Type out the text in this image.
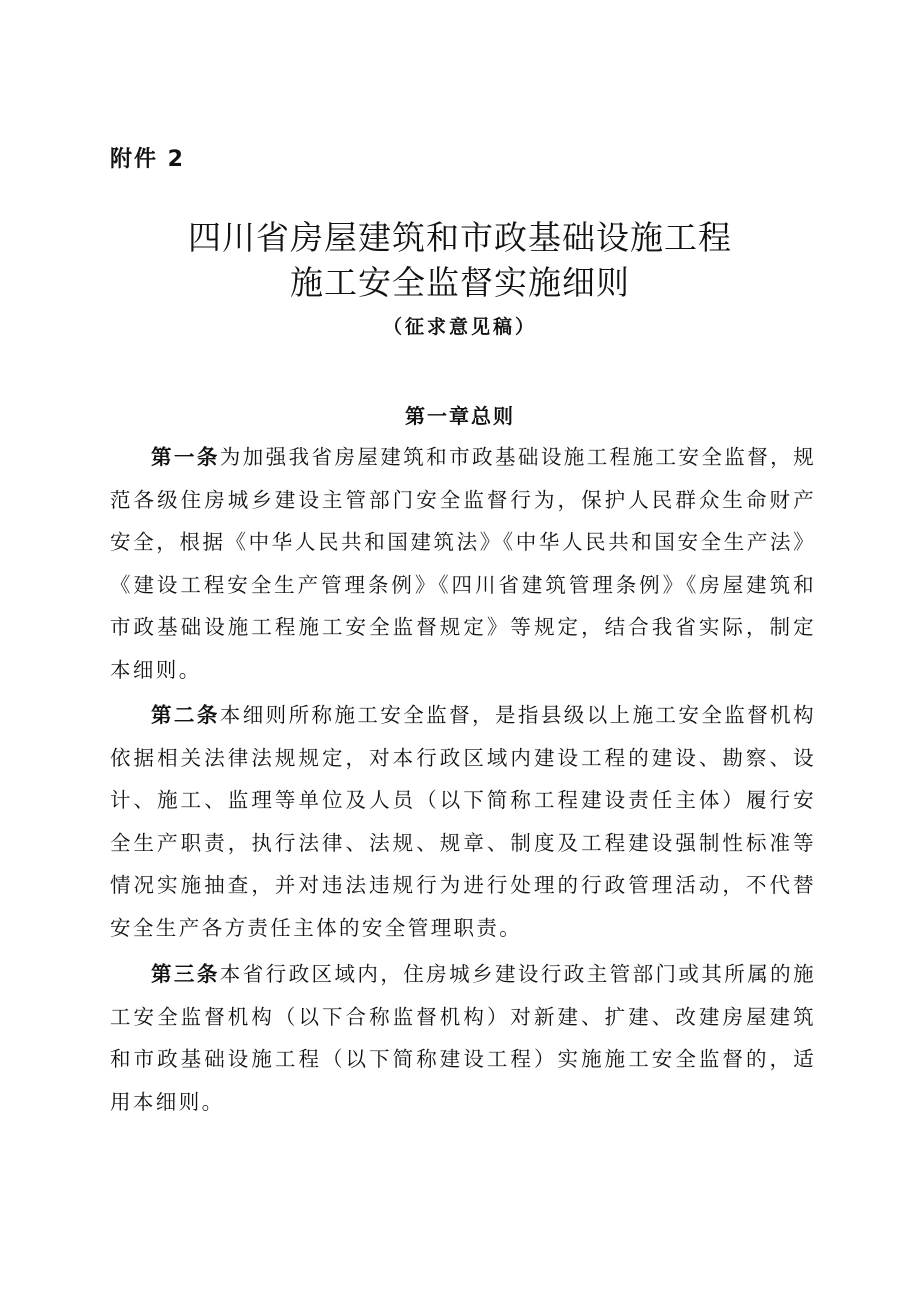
附件 2
四川省房屋建筑和市政基础设施工程
施工安全监督实施细则
（征求意见稿）
第一章总则

第一条为加强我省房屋建筑和市政基础设施工程施工安全监督，规范各级住房城乡建设主管部门安全监督行为，保护人民群众生命财产安全，根据《中华人民共和国建筑法》《中华人民共和国安全生产法》《建设工程安全生产管理条例》《四川省建筑管理条例》《房屋建筑和市政基础设施工程施工安全监督规定》等规定，结合我省实际，制定本细则。

第二条本细则所称施工安全监督，是指县级以上施工安全监督机构依据相关法律法规规定，对本行政区域内建设工程的建设、勘察、设计、施工、监理等单位及人员（以下简称工程建设责任主体）履行安全生产职责，执行法律、法规、规章、制度及工程建设强制性标准等情况实施抽查，并对违法违规行为进行处理的行政管理活动，不代替安全生产各方责任主体的安全管理职责。

第三条本省行政区域内，住房城乡建设行政主管部门或其所属的施工安全监督机构（以下合称监督机构）对新建、扩建、改建房屋建筑和市政基础设施工程（以下简称建设工程）实施施工安全监督的，适用本细则。
